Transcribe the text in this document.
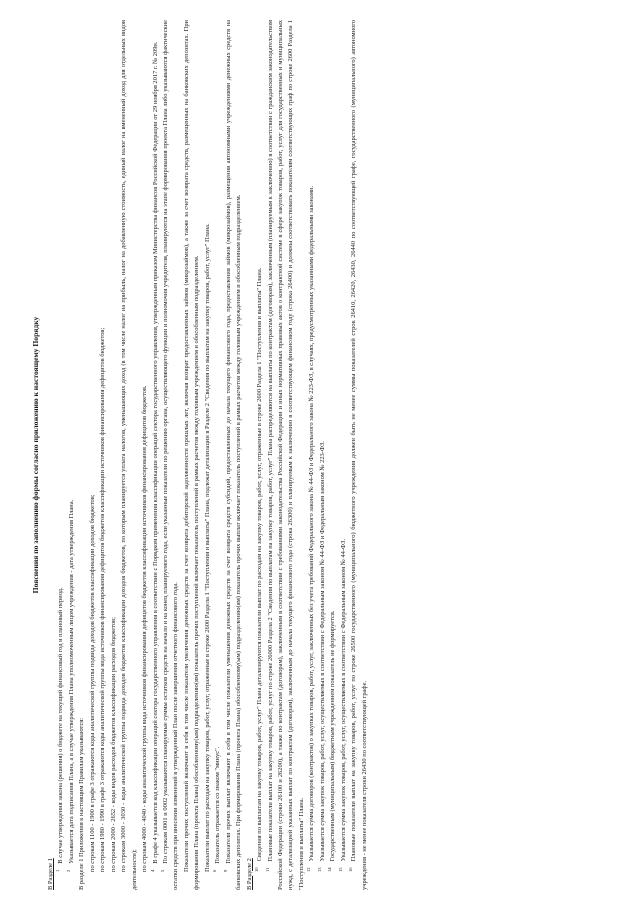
Пояснения по заполнению формы согласно приложению к настоящему Порядку
В Разделе 1 $^1$В случае утверждения закона (решения) о бюджете на текущий финансовый год и плановый период.

$^2$Указывается дата подписания Плана, а в случае утверждения Плана уполномоченным лицом учреждения - дата утверждения Плана. В разделе 1 Приложения к настоящим Правилам указываются: по строкам 1100 - 1900 в графе 3 отражаются коды аналитической группы подвида доходов бюджетов классификации доходов бюджетов; по строкам 1980 - 1990 в графе 3 отражаются коды аналитической группы вида источников финансирования дефицитов бюджетов классификации источников финансирования дефицитов бюджетов; по строкам 2000 - 2652 - коды видов расходов бюджетов классификации расходов бюджетов; по строкам 3000 - 3030 - коды аналитической группы подвида доходов бюджетов классификации доходов бюджетов, по которым планируется уплата налогов, уменьшающих доход (в том числе налог на прибыль, налог на добавленную стоимость, единый налог на вмененный доход для отдельных видов деятельности); по строкам 4000 - 4040 - коды аналитической группы вида источников финансирования дефицитов бюджетов классификации источников финансирования дефицитов бюджетов. $^4$В графе 4 указывается код классификации операций сектора государственного управления в соответствии с Порядком применения классификации операций сектора государственного управления, утвержденным приказом Министерства финансов Российской Федерации от 29 ноября 2017 г. № 209н.

$^5$По строкам 0001 и 0002 указываются планируемые суммы остатков средств на начало и на конец планируемого года, если указанные показатели по решению органа, осуществляющего функции и полномочия учредителя, планируются на этапе формирования проекта Плана либо указываются фактические остатки средств при внесении изменений в утвержденный План после завершения отчетного финансового года. Показатели прочих поступлений включают в себя в том числе показатели увеличения денежных средств за счет возврата дебиторской задолженности прошлых лет, включая возврат предоставленных займов (микрозаймов), а также за счет возврата средств, размещенных на банковских депозитах. При формировании Плана (проекта Плана) обособленному(ым) подразделению(ям) показатель прочих поступлений включает показатель поступлений в рамках расчетов между головным учреждением и обособленным подразделением. Показатели выплат по расходам на закупку товаров, работ, услуг, отраженные в строке 2600 Раздела 1 "Поступления и выплаты" Плана, подлежат детализации в Разделе 2 "Сведения по выплатам на закупку товаров, работ, услуг" Плана. $^6$Показатель отражается со знаком "минус".

$^9$Показатели прочих выплат включают в себя в том числе показатели уменьшения денежных средств за счет возврата средств субсидий, предоставленных до начала текущего финансового года, предоставления займов (микрозаймов), размещения автономными учреждениями денежных средств на банковских депозитах. При формировании Плана (проекта Плана) обособленному(ым) подразделению(ям) показатель прочих выплат включает показатель поступлений в рамках расчетов между головным учреждением и обособленным подразделением. В Разделе 2 $^{10}$Сведения по выплатам на закупку товаров, работ, услуг" Плана детализируются показатели выплат по расходам на закупку товаров, работ, услуг, отраженные в строке 2600 Раздела 1 "Поступления и выплаты" Плана.

$^{11}$Плановые показатели выплат на закупку товаров, работ, услуг по строке 26000 Раздела 2 "Сведения по выплатам на закупку товаров, работ, услуг" Плана распределяются на выплаты по контрактам (договорам), заключенным (планируемым к заключению) в соответствии с гражданским законодательством Российской Федерации (строки 26100 и 26200), а также по контрактам (договорам), заключенным в соответствии с требованиями законодательства Российской Федерации и иных нормативных правовых актов о контрактной системе в сфере закупок товаров, работ, услуг для государственных и муниципальных нужд, с детализацией указанных выплат по контрактам (договорам), заключенным до начала текущего финансового года (строка 26300) и планируемым к заключению в соответствующем финансовом году (строка 26400) и должны соответствовать показателям соответствующих граф по строке 2600 Раздела 1 "Поступления и выплаты" Плана. $^{12}$Указывается сумма договоров (контрактов) о закупках товаров, работ, услуг, заключенных без учета требований Федерального закона № 44-ФЗ и Федерального закона № 223-ФЗ, в случаях, предусмотренных указанными федеральными законами.

$^{13}$Указывается сумма закупок товаров, работ, услуг, осуществляемых в соответствии с Федеральным законом № 44-ФЗ и Федеральным законом № 223-ФЗ.

$^{14}$Государственным (муниципальным) бюджетным учреждением показатель не формируется.

$^{15}$Указывается сумма закупок товаров, работ, услуг, осуществляемых в соответствии с Федеральным законом № 44-ФЗ.

$^{16}$Плановые показатели выплат на закупку товаров, работ, услуг по строке 26500 государственного (муниципального) бюджетного учреждения должен быть не менее суммы показателей строк 26410, 26420, 26430, 26440 по соответствующей графе, государственного (муниципального) автономного учреждения - не менее показателя строки 26430 по соответствующей графе.
